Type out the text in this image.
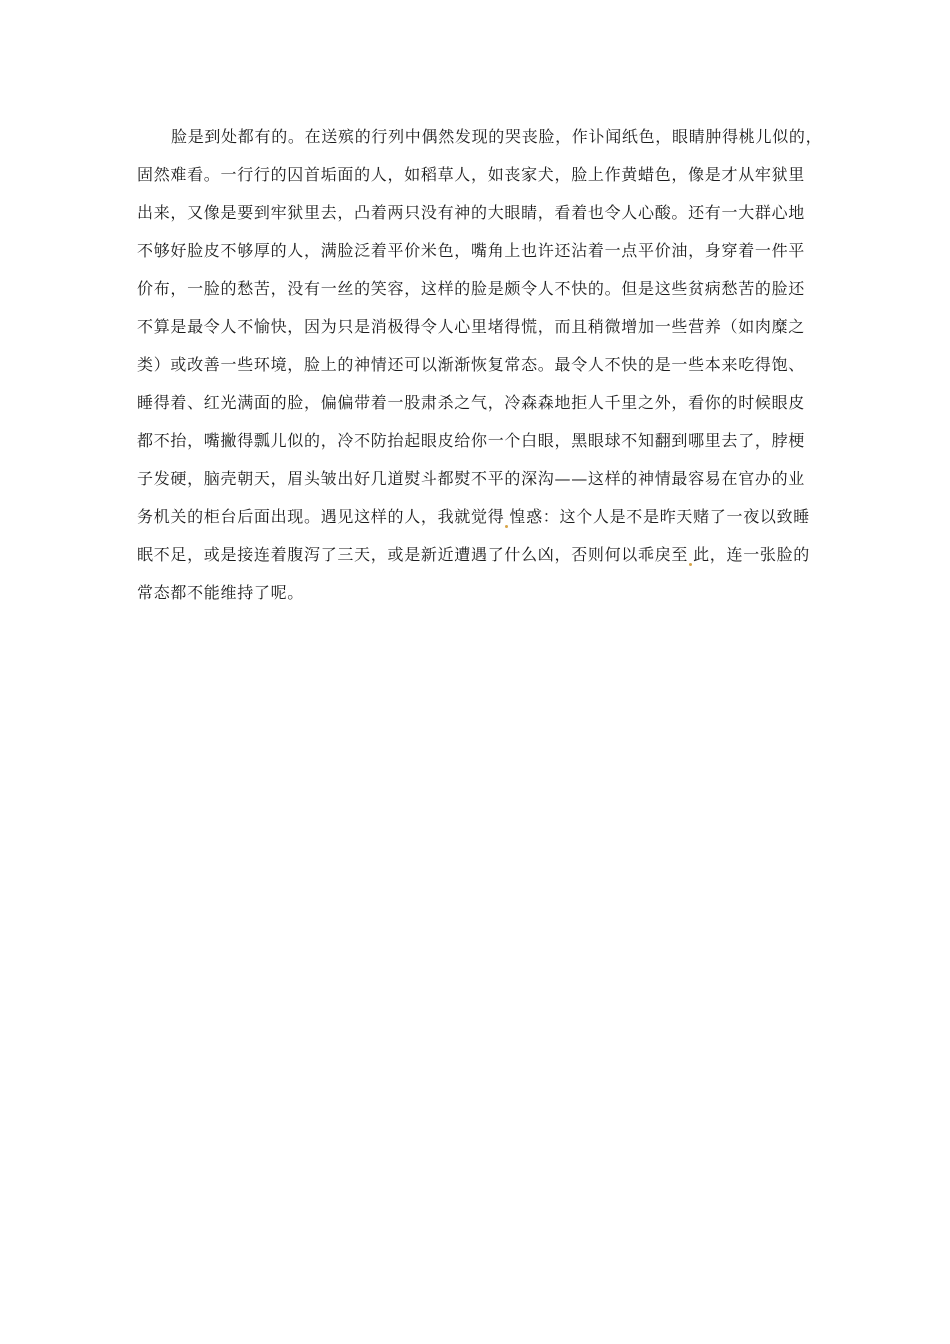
脸是到处都有的。在送殡的行列中偶然发现的哭丧脸，作讣闻纸色，眼睛肿得桃儿似的，
固然难看。一行行的囚首垢面的人，如稻草人，如丧家犬，脸上作黄蜡色，像是才从牢狱里
出来，又像是要到牢狱里去，凸着两只没有神的大眼睛，看着也令人心酸。还有一大群心地
不够好脸皮不够厚的人，满脸泛着平价米色，嘴角上也许还沾着一点平价油，身穿着一件平
价布，一脸的愁苦，没有一丝的笑容，这样的脸是颇令人不快的。但是这些贫病愁苦的脸还
不算是最令人不愉快，因为只是消极得令人心里堵得慌，而且稍微增加一些营养（如肉糜之
类）或改善一些环境，脸上的神情还可以渐渐恢复常态。最令人不快的是一些本来吃得饱、
睡得着、红光满面的脸，偏偏带着一股肃杀之气，冷森森地拒人千里之外，看你的时候眼皮
都不抬，嘴撇得瓢儿似的，冷不防抬起眼皮给你一个白眼，黑眼球不知翻到哪里去了，脖梗
子发硬，脑壳朝天，眉头皱出好几道熨斗都熨不平的深沟——这样的神情最容易在官办的业
务机关的柜台后面出现。遇见这样的人，我就觉得 惶惑：这个人是不是昨天赌了一夜以致睡
眠不足，或是接连着腹泻了三天，或是新近遭遇了什么凶，否则何以乖戾至 此，连一张脸的
常态都不能维持了呢。
